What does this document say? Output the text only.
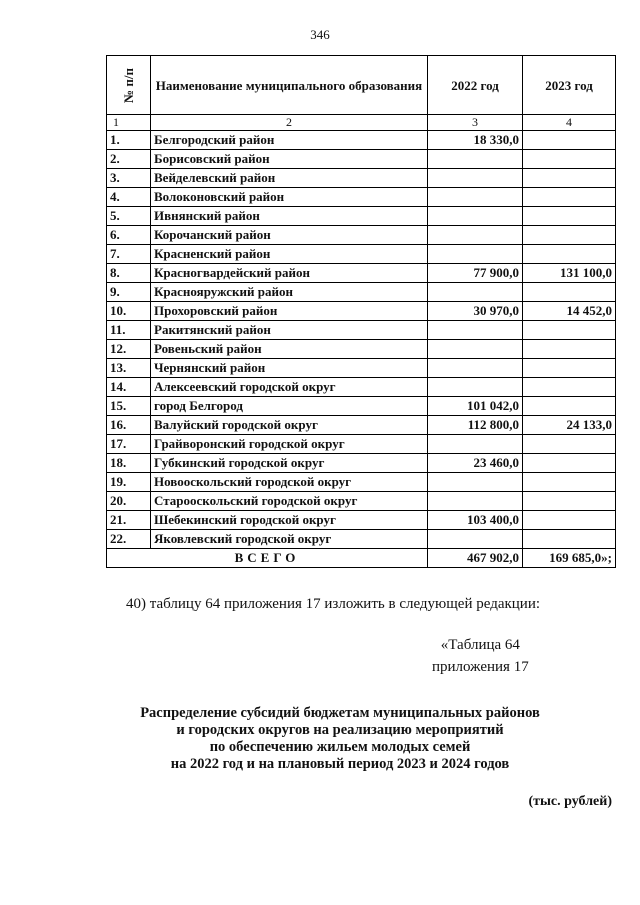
346
№ п/п	Наименование муниципального образования	2022 год	2023 год
1	2	3	4
1.	Белгородский район	18 330,0	
2.	Борисовский район		
3.	Вейделевский район		
4.	Волоконовский район		
5.	Ивнянский район		
6.	Корочанский район		
7.	Красненский район		
8.	Красногвардейский район	77 900,0	131 100,0
9.	Краснояружский район		
10.	Прохоровский район	30 970,0	14 452,0
11.	Ракитянский район		
12.	Ровеньский район		
13.	Чернянский район		
14.	Алексеевский городской округ		
15.	город Белгород	101 042,0	
16.	Валуйский городской округ	112 800,0	24 133,0
17.	Грайворонский городской округ		
18.	Губкинский городской округ	23 460,0	
19.	Новооскольский городской округ		
20.	Старооскольский городской округ		
21.	Шебекинский городской округ	103 400,0	
22.	Яковлевский городской округ		
ВСЕГО		467 902,0	169 685,0»;
40) таблицу 64 приложения 17 изложить в следующей редакции:
«Таблица 64
приложения 17
Распределение субсидий бюджетам муниципальных районов
и городских округов на реализацию мероприятий
по обеспечению жильем молодых семей
на 2022 год и на плановый период 2023 и 2024 годов
(тыс. рублей)
